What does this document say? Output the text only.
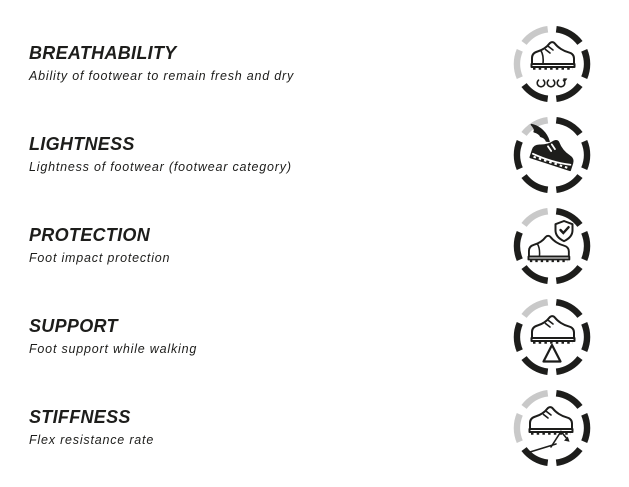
BREATHABILITY
Ability of footwear to remain fresh and dry
LIGHTNESS
Lightness of footwear (footwear category)
PROTECTION
Foot impact protection
SUPPORT
Foot support while walking
STIFFNESS
Flex resistance rate
